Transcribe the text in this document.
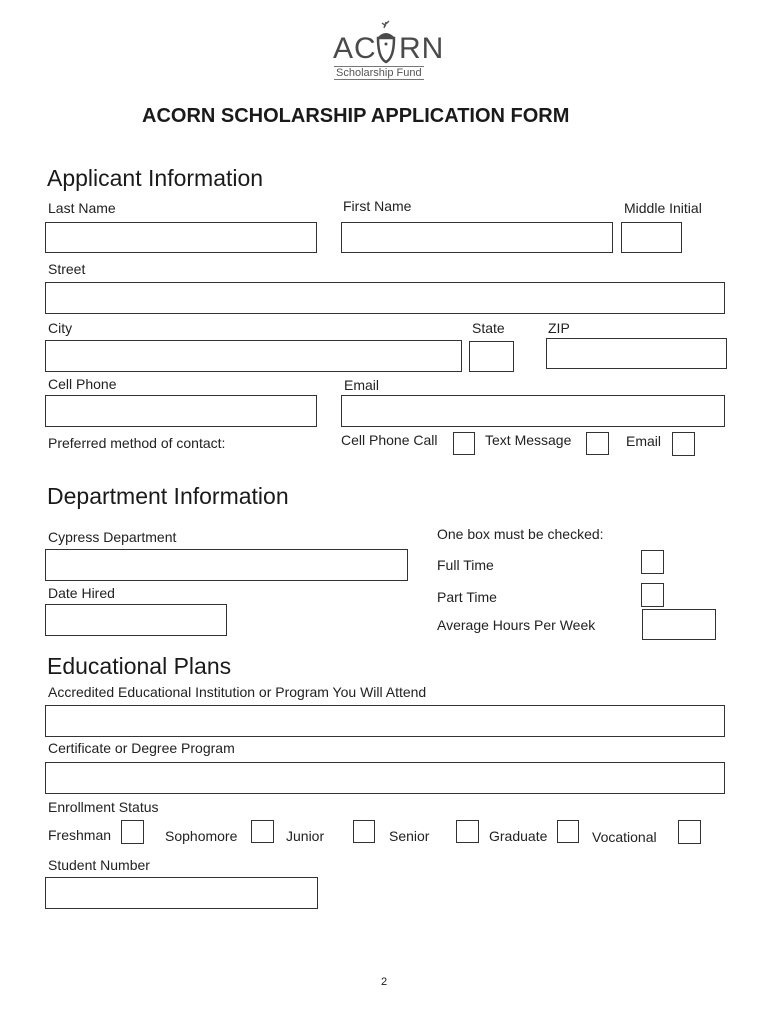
AC RN
Scholarship Fund
ACORN SCHOLARSHIP APPLICATION FORM
Applicant Information
Last Name	First Name	Middle Initial
Street
City	State	ZIP
Cell Phone	Email
Preferred method of contact:	Cell Phone Call	Text Message	Email
Department Information
Cypress Department	One box must be checked:
Full Time
Date Hired	Part Time
Average Hours Per Week
Educational Plans
Accredited Educational Institution or Program You Will Attend
Certificate or Degree Program
Enrollment Status
Freshman	Sophomore	Junior	Senior	Graduate	Vocational
Student Number
2
